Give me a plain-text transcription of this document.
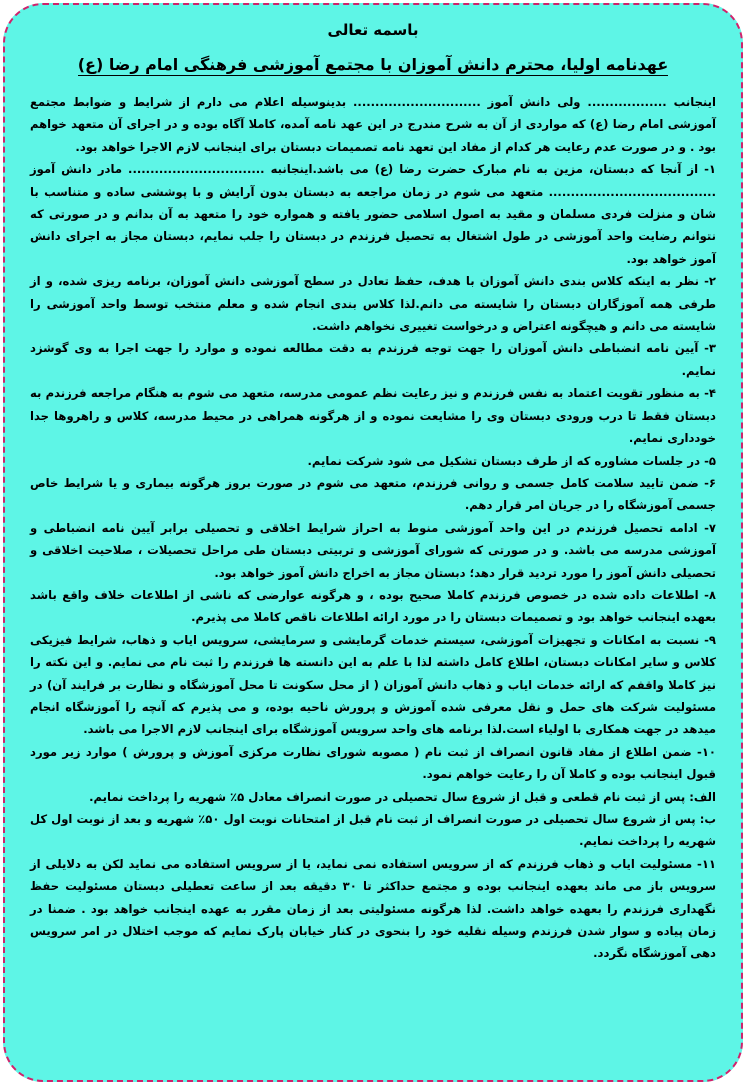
باسمه تعالی
عهدنامه اولیا، محترم دانش آموزان با مجتمع آموزشی فرهنگی امام رضا (ع)

اینجانب .................. ولی دانش آموز ............................. بدینوسیله اعلام می دارم از شرایط و ضوابط مجتمع آموزشی امام رضا (ع) که مواردی از آن به شرح مندرج در این عهد نامه آمده، کاملا آگاه بوده و در اجرای آن متعهد خواهم بود . و در صورت عدم رعایت هر کدام از مفاد این تعهد نامه تصمیمات دبستان برای اینجانب لازم الاجرا خواهد بود.

۱- از آنجا که دبستان، مزین به نام مبارک حضرت رضا (ع) می باشد.اینجانبه ............................... مادر دانش آموز ...................................... متعهد می شوم در زمان مراجعه به دبستان بدون آرایش و با پوششی ساده و متناسب با شان و منزلت فردی مسلمان و مقید به اصول اسلامی حضور یافته و همواره خود را متعهد به آن بدانم و در صورتی که نتوانم رضایت واحد آموزشی در طول اشتغال به تحصیل فرزندم در دبستان را جلب نمایم، دبستان مجاز به اجرای دانش آموز خواهد بود.

۲- نظر به اینکه کلاس بندی دانش آموزان با هدف، حفظ تعادل در سطح آموزشی دانش آموزان، برنامه ریزی شده، و از طرفی همه آموزگاران دبستان را شایسته می دانم.لذا کلاس بندی انجام شده و معلم منتخب توسط واحد آموزشی را شایسته می دانم و هیچگونه اعتراض و درخواست تغییری نخواهم داشت.

۳- آیین نامه انضباطی دانش آموزان را جهت توجه فرزندم به دقت مطالعه نموده و موارد را جهت اجرا به وی گوشزد نمایم.

۴- به منظور تقویت اعتماد به نفس فرزندم و نیز رعایت نظم عمومی مدرسه، متعهد می شوم به هنگام مراجعه فرزندم به دبستان فقط تا درب ورودی دبستان وی را مشایعت نموده و از هرگونه همراهی در محیط مدرسه، کلاس و راهروها جدا خودداری نمایم.

۵- در جلسات مشاوره که از طرف دبستان تشکیل می شود شرکت نمایم.

۶- ضمن تایید سلامت کامل جسمی و روانی فرزندم، متعهد می شوم در صورت بروز هرگونه بیماری و یا شرایط خاص جسمی آموزشگاه را در جریان امر قرار دهم.

۷- ادامه تحصیل فرزندم در این واحد آموزشی منوط به احراز شرایط اخلاقی و تحصیلی برابر آیین نامه انضباطی و آموزشی مدرسه می باشد. و در صورتی که شورای آموزشی و تربیتی دبستان طی مراحل تحصیلات ، صلاحیت اخلاقی و تحصیلی دانش آموز را مورد تردید قرار دهد؛ دبستان مجاز به اخراج دانش آموز خواهد بود.

۸- اطلاعات داده شده در خصوص فرزندم کاملا صحیح بوده ، و هرگونه عوارضی که ناشی از اطلاعات خلاف واقع باشد بعهده اینجانب خواهد بود و تصمیمات دبستان را در مورد ارائه اطلاعات ناقص کاملا می پذیرم.

۹- نسبت به امکانات و تجهیزات آموزشی، سیستم خدمات گرمایشی و سرمایشی، سرویس ایاب و ذهاب، شرایط فیزیکی کلاس و سایر امکانات دبستان، اطلاع کامل داشته لذا با علم به این دانسته ها فرزندم را ثبت نام می نمایم. و این نکته را نیز کاملا واقفم که ارائه خدمات ایاب و ذهاب دانش آموزان ( از محل سکونت تا محل آموزشگاه و نظارت بر فرایند آن) در مسئولیت شرکت های حمل و نقل معرفی شده آموزش و پرورش ناحیه بوده، و می پذیرم که آنچه را آموزشگاه انجام میدهد در جهت همکاری با اولیاء است.لذا برنامه های واحد سرویس آموزشگاه برای اینجانب لازم الاجرا می باشد.

۱۰- ضمن اطلاع از مفاد قانون انصراف از ثبت نام ( مصوبه شورای نظارت مرکزی آموزش و پرورش ) موارد زیر مورد قبول اینجانب بوده و کاملا آن را رعایت خواهم نمود.

الف: پس از ثبت نام قطعی و قبل از شروع سال تحصیلی در صورت انصراف معادل ۵٪ شهریه را پرداخت نمایم.

ب: پس از شروع سال تحصیلی در صورت انصراف از ثبت نام قبل از امتحانات نوبت اول ۵۰٪ شهریه و بعد از نوبت اول کل شهریه را پرداخت نمایم.

۱۱- مسئولیت ایاب و ذهاب فرزندم که از سرویس استفاده نمی نماید، یا از سرویس استفاده می نماید لکن به دلایلی از سرویس باز می ماند بعهده اینجانب بوده و مجتمع حداکثر تا ۳۰ دقیقه بعد از ساعت تعطیلی دبستان مسئولیت حفظ نگهداری فرزندم را بعهده خواهد داشت. لذا هرگونه مسئولیتی بعد از زمان مقرر به عهده اینجانب خواهد بود . ضمنا در زمان پیاده و سوار شدن فرزندم وسیله نقلیه خود را بنحوی در کنار خیابان پارک نمایم که موجب اختلال در امر سرویس دهی آموزشگاه نگردد.
